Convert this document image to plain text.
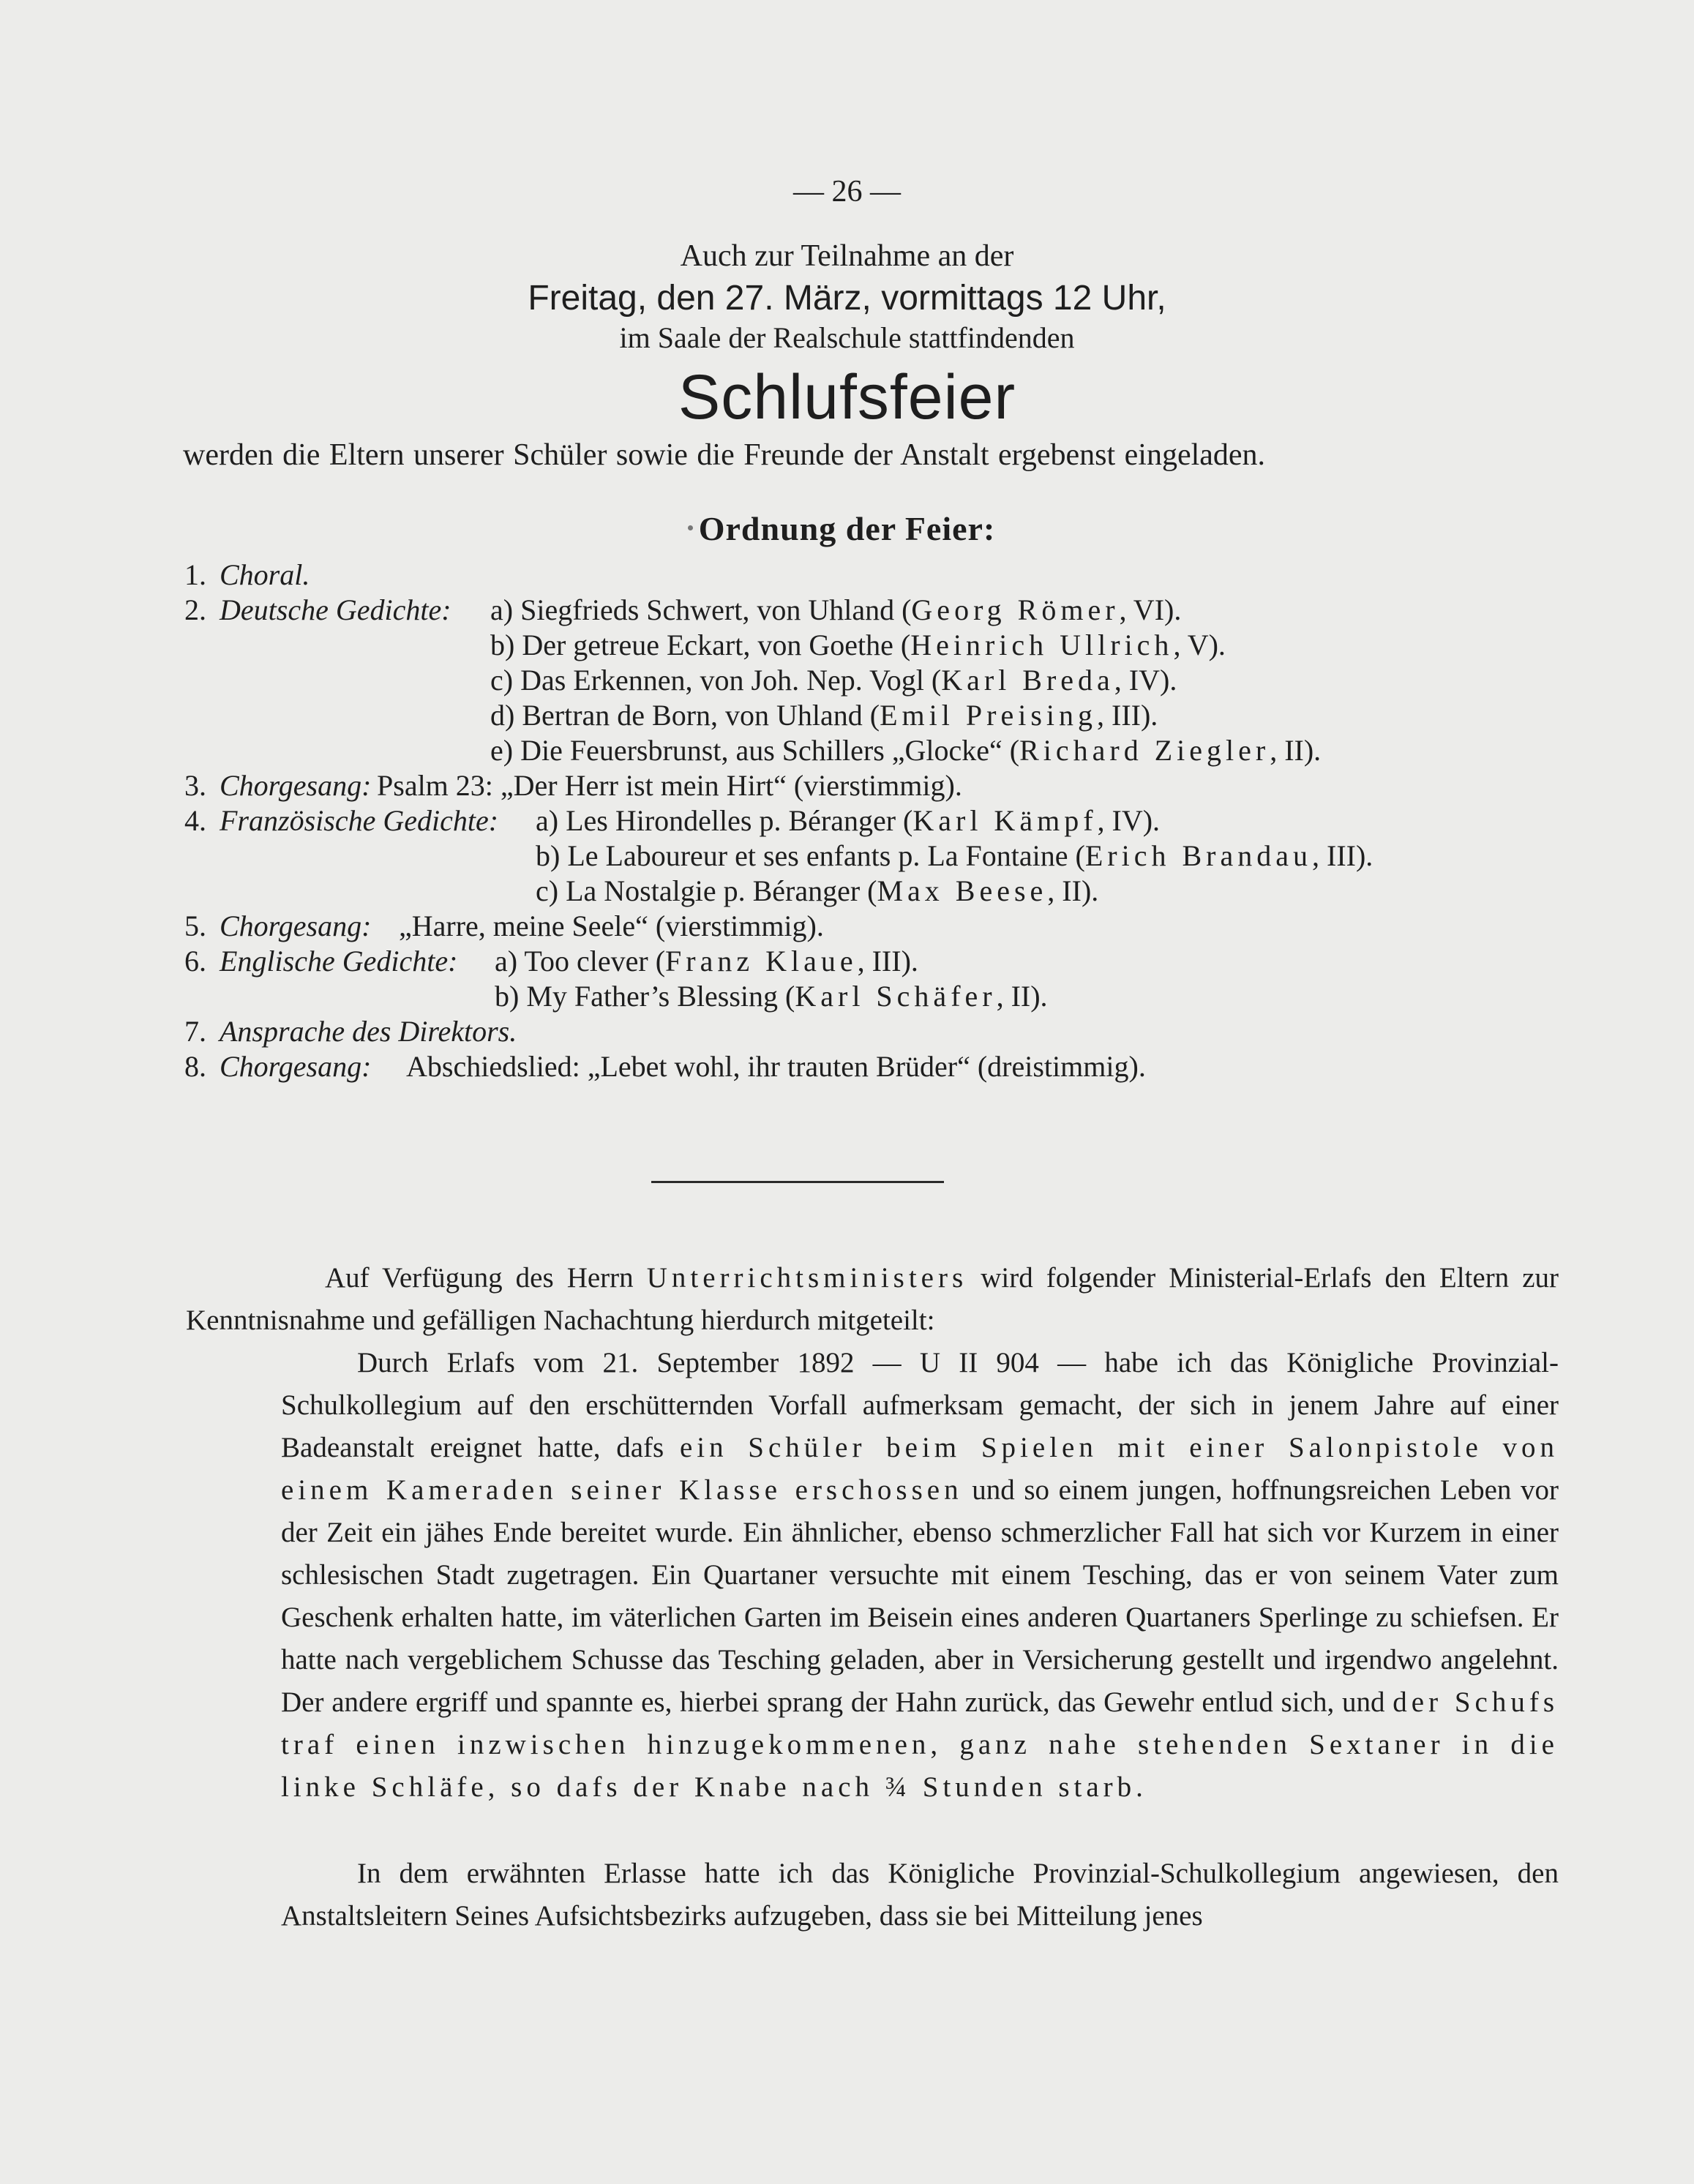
— 26 —
Auch zur Teilnahme an der
Freitag, den 27. März, vormittags 12 Uhr,
im Saale der Realschule stattfindenden
Schlufsfeier
werden die Eltern unserer Schüler sowie die Freunde der Anstalt ergebenst eingeladen.
Ordnung der Feier:
1. Choral.
2. Deutsche Gedichte: a) Siegfrieds Schwert, von Uhland (Georg Römer, VI).
b) Der getreue Eckart, von Goethe (Heinrich Ullrich, V).
c) Das Erkennen, von Joh. Nep. Vogl (Karl Breda, IV).
d) Bertran de Born, von Uhland (Emil Preising, III).
e) Die Feuersbrunst, aus Schillers „Glocke“ (Richard Ziegler, II).
3. Chorgesang: Psalm 23: „Der Herr ist mein Hirt“ (vierstimmig).
4. Französische Gedichte: a) Les Hirondelles p. Béranger (Karl Kämpf, IV).
b) Le Laboureur et ses enfants p. La Fontaine (Erich Brandau, III).
c) La Nostalgie p. Béranger (Max Beese, II).
5. Chorgesang: „Harre, meine Seele“ (vierstimmig).
6. Englische Gedichte: a) Too clever (Franz Klaue, III).
b) My Father’s Blessing (Karl Schäfer, II).
7. Ansprache des Direktors.
8. Chorgesang: Abschiedslied: „Lebet wohl, ihr trauten Brüder“ (dreistimmig).

Auf Verfügung des Herrn Unterrichtsministers wird folgender Ministerial-Erlafs den Eltern zur Kenntnisnahme und gefälligen Nachachtung hierdurch mitgeteilt:

Durch Erlafs vom 21. September 1892 — U II 904 — habe ich das Königliche Provinzial-Schulkollegium auf den erschütternden Vorfall aufmerksam gemacht, der sich in jenem Jahre auf einer Badeanstalt ereignet hatte, dafs ein Schüler beim Spielen mit einer Salonpistole von einem Kameraden seiner Klasse erschossen und so einem jungen, hoffnungsreichen Leben vor der Zeit ein jähes Ende bereitet wurde. Ein ähnlicher, ebenso schmerzlicher Fall hat sich vor Kurzem in einer schlesischen Stadt zugetragen. Ein Quartaner versuchte mit einem Tesching, das er von seinem Vater zum Geschenk erhalten hatte, im väterlichen Garten im Beisein eines anderen Quartaners Sperlinge zu schiefsen. Er hatte nach vergeblichem Schusse das Tesching geladen, aber in Versicherung gestellt und irgendwo angelehnt. Der andere ergriff und spannte es, hierbei sprang der Hahn zurück, das Gewehr entlud sich, und der Schufs traf einen inzwischen hinzugekommenen, ganz nahe stehenden Sextaner in die linke Schläfe, so dafs der Knabe nach ¾ Stunden starb.

In dem erwähnten Erlasse hatte ich das Königliche Provinzial-Schulkollegium angewiesen, den Anstaltsleitern Seines Aufsichtsbezirks aufzugeben, dass sie bei Mitteilung jenes
